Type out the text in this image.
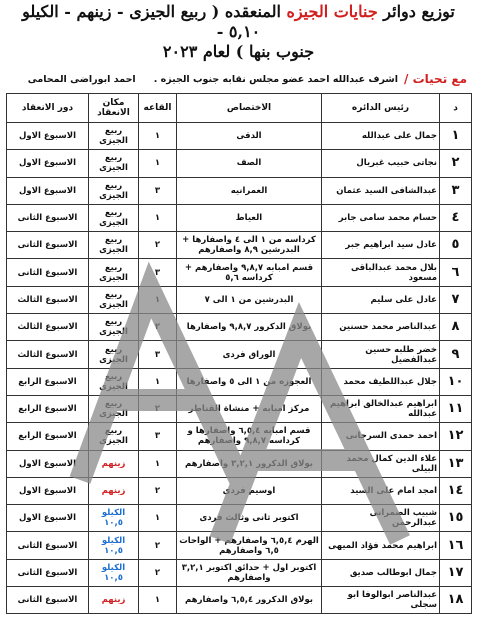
توزيع دوائر جنايات الجيزه المنعقده ( ربيع الجيزى - زينهم - الكيلو ٥,١٠ -
جنوب بنها ) لعام ٢٠٢٣
مع تحيات /
اشرف عبدالله احمد عضو مجلس نقابه جنوب الجيزه .
احمد ابوراضى المحامى
د	رئيس الدائره	الاختصاص	القاعه	مكان الانعقاد	دور الانعقاد
١	جمال على عبدالله	الدقى	١	ربيع الجيزى	الاسبوع الاول
٢	نجاتى حبيب غبريال	الصف	١	ربيع الجيزى	الاسبوع الاول
٣	عبدالشافى السيد عثمان	العمرانيه	٣	ربيع الجيزى	الاسبوع الاول
٤	حسام محمد سامى جابر	العياط	١	ربيع الجيزى	الاسبوع الثانى
٥	عادل سيد ابراهيم جبر	كرداسه من ١ الى ٤ واصفارها + البدرشين ٨,٩ واصفارهم	٢	ربيع الجيزى	الاسبوع الثانى
٦	بلال محمد عبدالباقى مسعود	قسم امبابه ٩,٨,٧ واصفارهم + كرداسه ٥,٦	٣	ربيع الجيزى	الاسبوع الثانى
٧	عادل على سليم	البدرشين من ١ الى ٧	١	ربيع الجيزى	الاسبوع الثالث
٨	عبدالناصر محمد حسنين	بولاق الدكرور ٩,٨,٧ واصفارها	٢	ربيع الجيزى	الاسبوع الثالث
٩	خضر طلبه حسين عبدالفضيل	الوراق فردى	٣	ربيع الجيزى	الاسبوع الثالث
١٠	جلال عبداللطيف محمد	العجوزه من ١ الى ٥ واصفارها	١	ربيع الجيزى	الاسبوع الرابع
١١	ابراهيم عبدالخالق ابراهيم عبدالله	مركز امبابه + منشاة القناطر	٢	ربيع الجيزى	الاسبوع الرابع
١٢	احمد حمدى السرجانى	قسم امبابه ٦,٥,٤ واصفارها و كرداسه ٩,٨,٧ واصفارهم	٣	ربيع الجيزى	الاسبوع الرابع
١٣	علاء الدين كمال محمد البيلى	بولاق الدكرور ٣,٢,١ واصفارهم	١	زينهم	الاسبوع الاول
١٤	امجد امام على السيد	اوسيم فردى	٢	زينهم	الاسبوع الاول
١٥	شبيب الضمرانى عبدالرحمن	اكتوبر ثانى وثالث فردى	١	الكيلو ١٠,٥	الاسبوع الاول
١٦	ابراهيم محمد فؤاد الميهى	الهرم ٦,٥,٤ واصفارهم + الواحات ٦,٥ واصفارهم	٢	الكيلو ١٠,٥	الاسبوع الثانى
١٧	جمال ابوطالب صديق	اكتوبر اول + حدائق اكتوبر ٣,٢,١ واصفارهم	٢	الكيلو ١٠,٥	الاسبوع الثانى
١٨	عبدالناصر ابوالوفا ابو سجلى	بولاق الدكرور ٦,٥,٤ واصفارهم	١	زينهم	الاسبوع الثانى
